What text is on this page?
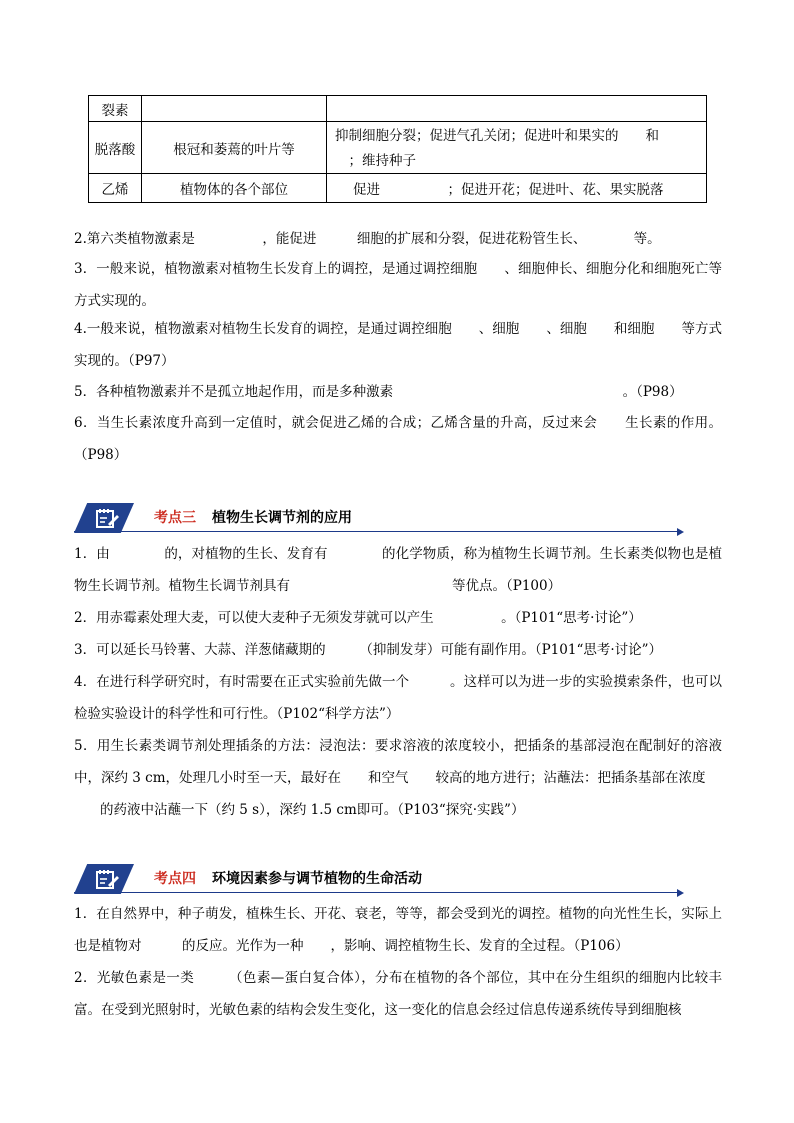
裂素		
脱落酸	根冠和萎蔫的叶片等	抑制细胞分裂；促进气孔关闭；促进叶和果实的　　和
　；维持种子

乙烯	植物体的各个部位	促进　　　　　；促进开花；促进叶、花、果实脱落
2.第六类植物激素是　　　　　，能促进　　　细胞的扩展和分裂，促进花粉管生长、　　　　等。
3．一般来说，植物激素对植物生长发育上的调控，是通过调控细胞　　、细胞伸长、细胞分化和细胞死亡等方式实现的。
4.一般来说，植物激素对植物生长发育的调控，是通过调控细胞　　、细胞　　、细胞　　和细胞　　等方式实现的。（P97）
5．各种植物激素并不是孤立地起作用，而是多种激素　　　　　　　　　　　　　　　　　。（P98）
6．当生长素浓度升高到一定值时，就会促进乙烯的合成；乙烯含量的升高，反过来会　　生长素的作用。（P98）
考点三 植物生长调节剂的应用
1．由　　　　的，对植物的生长、发育有　　　　的化学物质，称为植物生长调节剂。生长素类似物也是植物生长调节剂。植物生长调节剂具有　　　　　　　　　　　　等优点。（P100）
2．用赤霉素处理大麦，可以使大麦种子无须发芽就可以产生　　　　　。（P101“思考·讨论”）
3．可以延长马铃薯、大蒜、洋葱储藏期的　　　（抑制发芽）可能有副作用。（P101“思考·讨论”）
4．在进行科学研究时，有时需要在正式实验前先做一个　　　。这样可以为进一步的实验摸索条件，也可以检验实验设计的科学性和可行性。（P102“科学方法”）
5．用生长素类调节剂处理插条的方法：浸泡法：要求溶液的浓度较小，把插条的基部浸泡在配制好的溶液中，深约 3 cm，处理几小时至一天，最好在　　和空气　　较高的地方进行；沾蘸法：把插条基部在浓度
的药液中沾蘸一下（约 5 s），深约 1.5 cm即可。（P103“探究·实践”）
考点四 环境因素参与调节植物的生命活动
1．在自然界中，种子萌发，植株生长、开花、衰老，等等，都会受到光的调控。植物的向光性生长，实际上也是植物对　　　的反应。光作为一种　　，影响、调控植物生长、发育的全过程。（P106）
2．光敏色素是一类　　　（色素—蛋白复合体），分布在植物的各个部位，其中在分生组织的细胞内比较丰富。在受到光照射时，光敏色素的结构会发生变化，这一变化的信息会经过信息传递系统传导到细胞核
